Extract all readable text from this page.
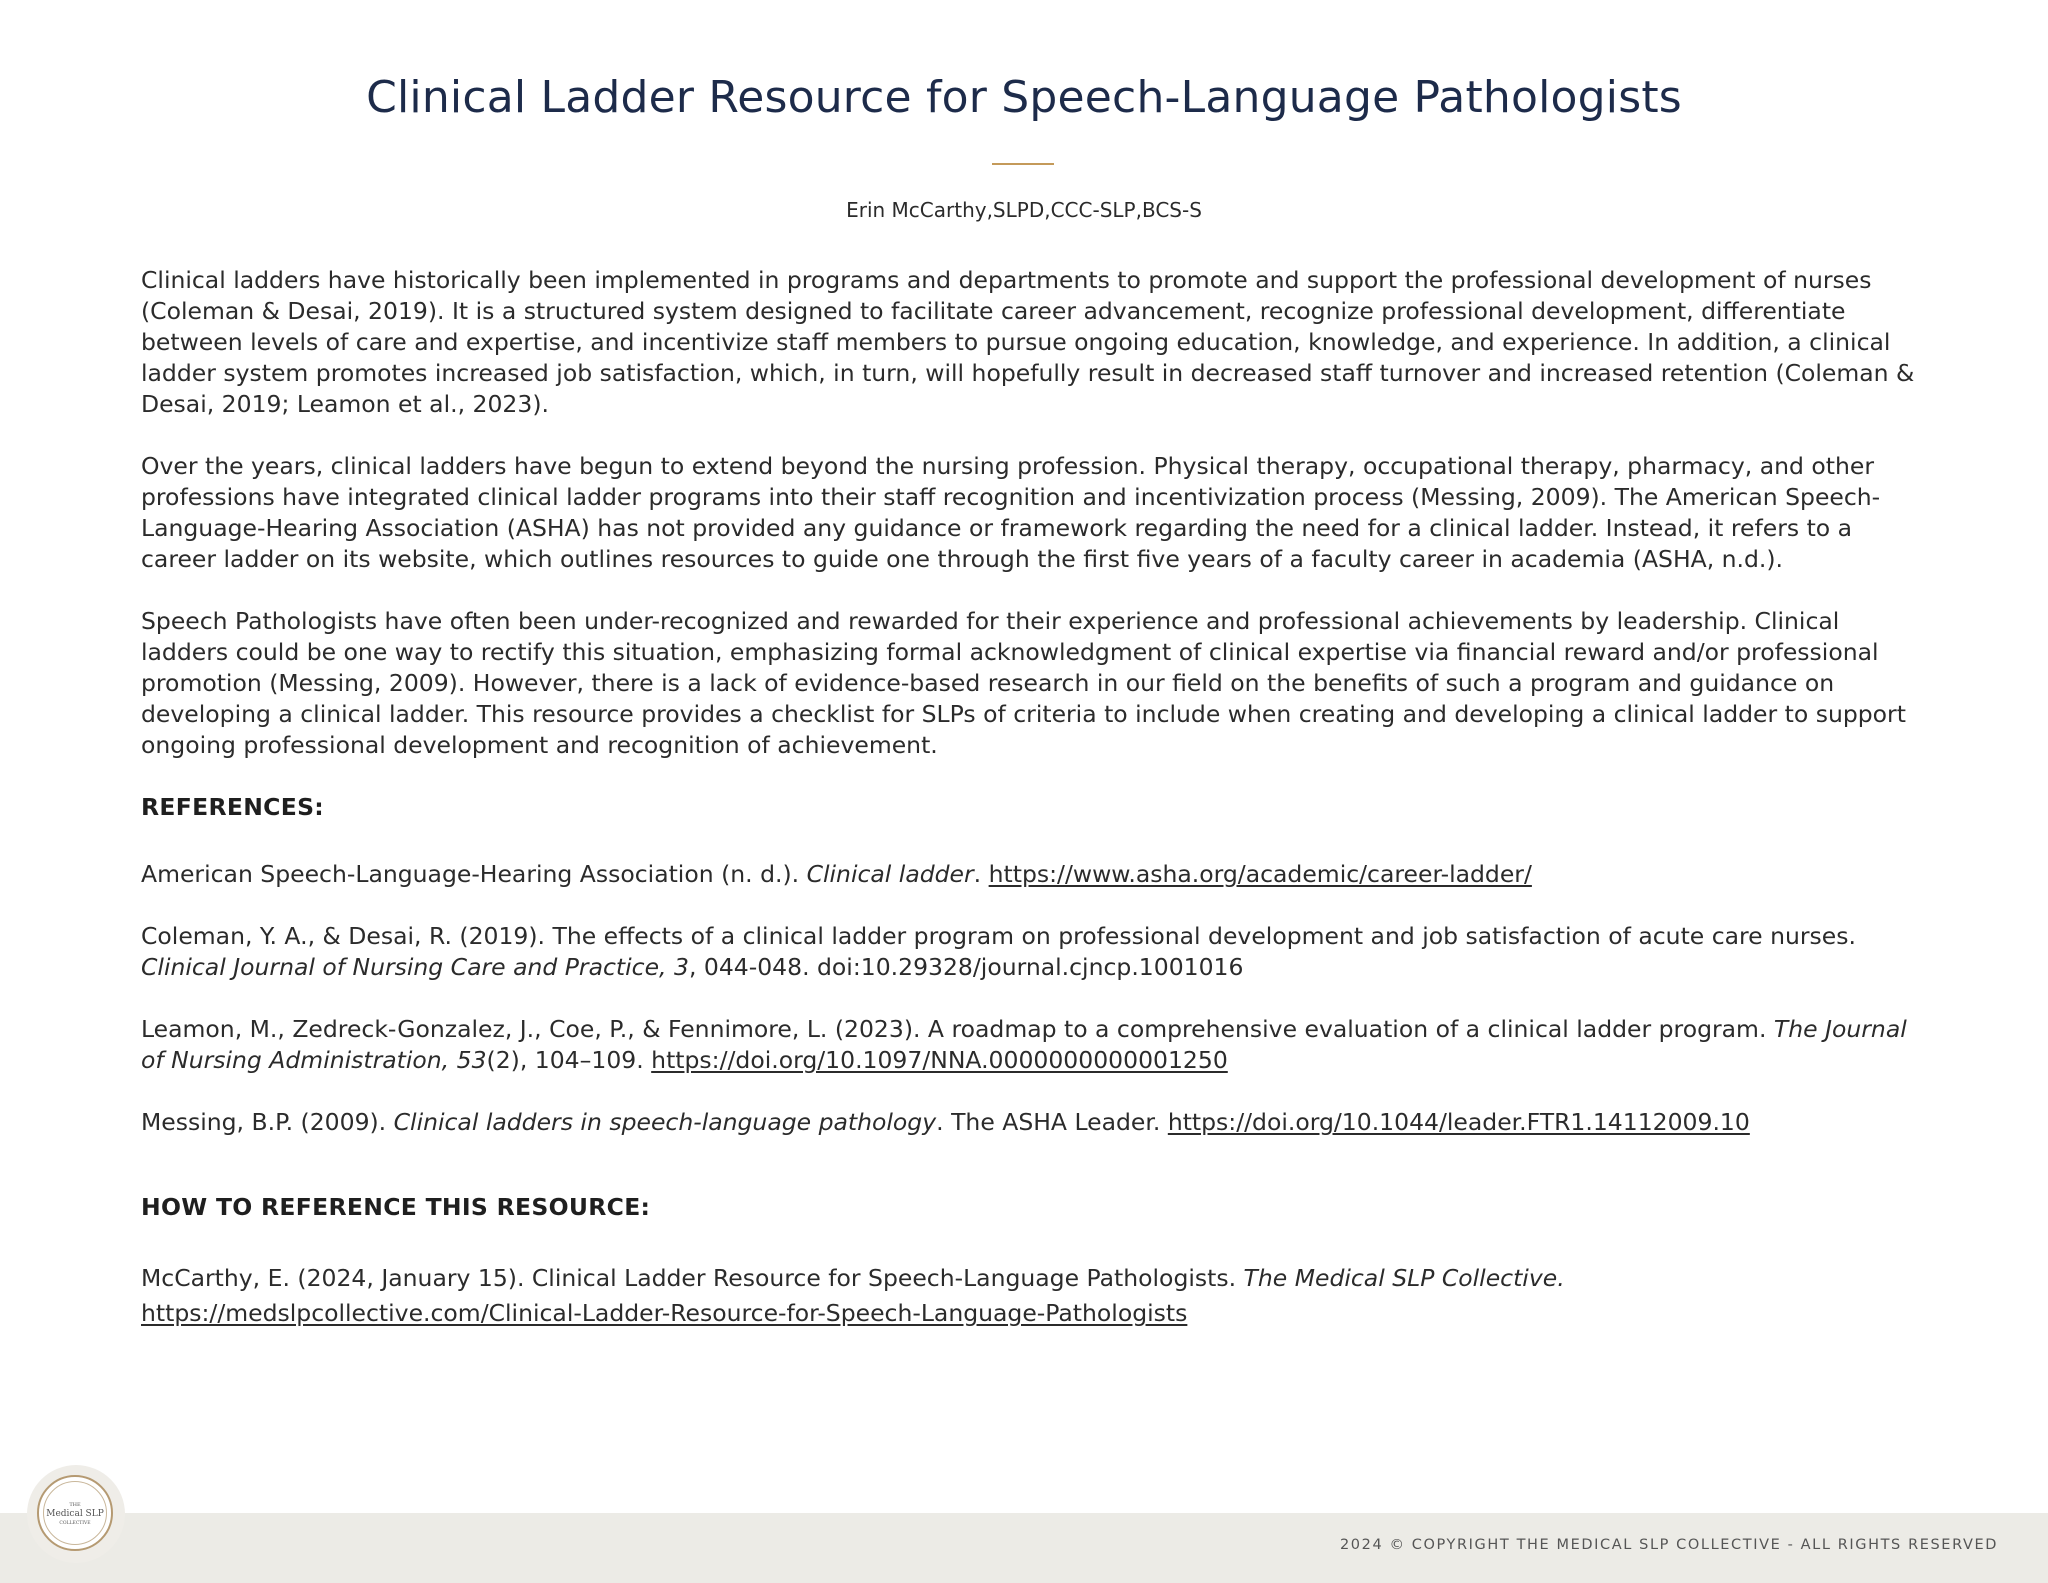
Clinical Ladder Resource for Speech-Language Pathologists
Erin McCarthy,SLPD,CCC-SLP,BCS-S

Clinical ladders have historically been implemented in programs and departments to promote and support the professional development of nurses (Coleman & Desai, 2019). It is a structured system designed to facilitate career advancement, recognize professional development, differentiate between levels of care and expertise, and incentivize staff members to pursue ongoing education, knowledge, and experience. In addition, a clinical ladder system promotes increased job satisfaction, which, in turn, will hopefully result in decreased staff turnover and increased retention (Coleman & Desai, 2019; Leamon et al., 2023).

Over the years, clinical ladders have begun to extend beyond the nursing profession. Physical therapy, occupational therapy, pharmacy, and other professions have integrated clinical ladder programs into their staff recognition and incentivization process (Messing, 2009). The American Speech-Language-Hearing Association (ASHA) has not provided any guidance or framework regarding the need for a clinical ladder. Instead, it refers to a career ladder on its website, which outlines resources to guide one through the first five years of a faculty career in academia (ASHA, n.d.).

Speech Pathologists have often been under-recognized and rewarded for their experience and professional achievements by leadership. Clinical ladders could be one way to rectify this situation, emphasizing formal acknowledgment of clinical expertise via financial reward and/or professional promotion (Messing, 2009). However, there is a lack of evidence-based research in our field on the benefits of such a program and guidance on developing a clinical ladder. This resource provides a checklist for SLPs of criteria to include when creating and developing a clinical ladder to support ongoing professional development and recognition of achievement.

REFERENCES:

American Speech-Language-Hearing Association (n. d.). Clinical ladder. https://www.asha.org/academic/career-ladder/

Coleman, Y. A., & Desai, R. (2019). The effects of a clinical ladder program on professional development and job satisfaction of acute care nurses. Clinical Journal of Nursing Care and Practice, 3, 044-048. doi:10.29328/journal.cjncp.1001016

Leamon, M., Zedreck-Gonzalez, J., Coe, P., & Fennimore, L. (2023). A roadmap to a comprehensive evaluation of a clinical ladder program. The Journal of Nursing Administration, 53(2), 104–109. https://doi.org/10.1097/NNA.0000000000001250

Messing, B.P. (2009). Clinical ladders in speech-language pathology. The ASHA Leader. https://doi.org/10.1044/leader.FTR1.14112009.10

HOW TO REFERENCE THIS RESOURCE:

McCarthy, E. (2024, January 15). Clinical Ladder Resource for Speech-Language Pathologists. The Medical SLP Collective.
https://medslpcollective.com/Clinical-Ladder-Resource-for-Speech-Language-Pathologists

THE
Medical SLP
COLLECTIVE
2024 © COPYRIGHT THE MEDICAL SLP COLLECTIVE - ALL RIGHTS RESERVED
